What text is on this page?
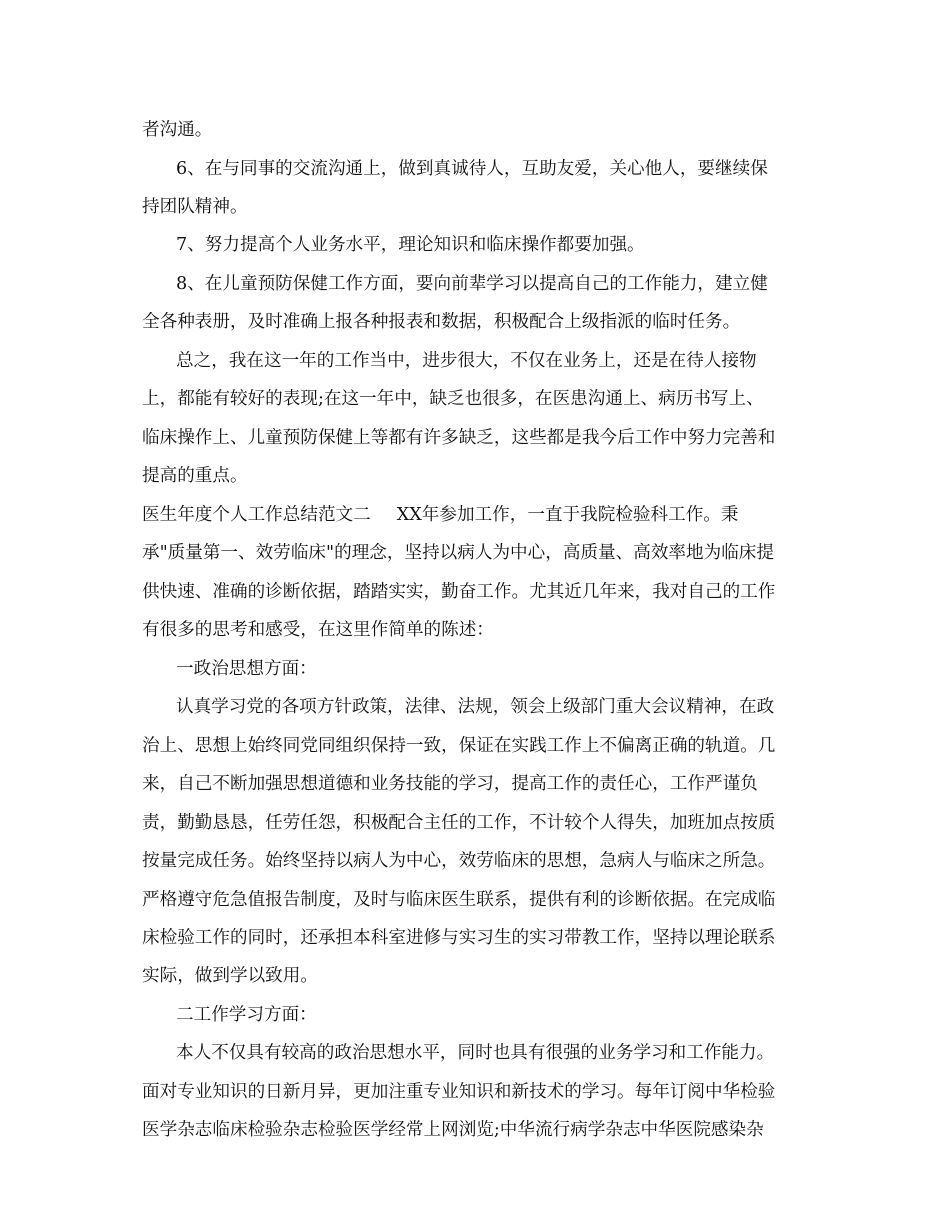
者沟通。
6、在与同事的交流沟通上，做到真诚待人，互助友爱，关心他人，要继续保
持团队精神。
7、努力提高个人业务水平，理论知识和临床操作都要加强。
8、在儿童预防保健工作方面，要向前辈学习以提高自己的工作能力，建立健
全各种表册，及时准确上报各种报表和数据，积极配合上级指派的临时任务。
总之，我在这一年的工作当中，进步很大，不仅在业务上，还是在待人接物
上，都能有较好的表现;在这一年中，缺乏也很多，在医患沟通上、病历书写上、
临床操作上、儿童预防保健上等都有许多缺乏，这些都是我今后工作中努力完善和
提高的重点。
医生年度个人工作总结范文二 XX年参加工作，一直于我院检验科工作。秉
承"质量第一、效劳临床"的理念，坚持以病人为中心，高质量、高效率地为临床提
供快速、准确的诊断依据，踏踏实实，勤奋工作。尤其近几年来，我对自己的工作
有很多的思考和感受，在这里作简单的陈述：
一政治思想方面：
认真学习党的各项方针政策，法律、法规，领会上级部门重大会议精神，在政
治上、思想上始终同党同组织保持一致，保证在实践工作上不偏离正确的轨道。几
来，自己不断加强思想道德和业务技能的学习，提高工作的责任心，工作严谨负
责，勤勤恳恳，任劳任怨，积极配合主任的工作，不计较个人得失，加班加点按质
按量完成任务。始终坚持以病人为中心，效劳临床的思想，急病人与临床之所急。
严格遵守危急值报告制度，及时与临床医生联系，提供有利的诊断依据。在完成临
床检验工作的同时，还承担本科室进修与实习生的实习带教工作，坚持以理论联系
实际，做到学以致用。
二工作学习方面：
本人不仅具有较高的政治思想水平，同时也具有很强的业务学习和工作能力。
面对专业知识的日新月异，更加注重专业知识和新技术的学习。每年订阅中华检验
医学杂志临床检验杂志检验医学经常上网浏览;中华流行病学杂志中华医院感染杂
